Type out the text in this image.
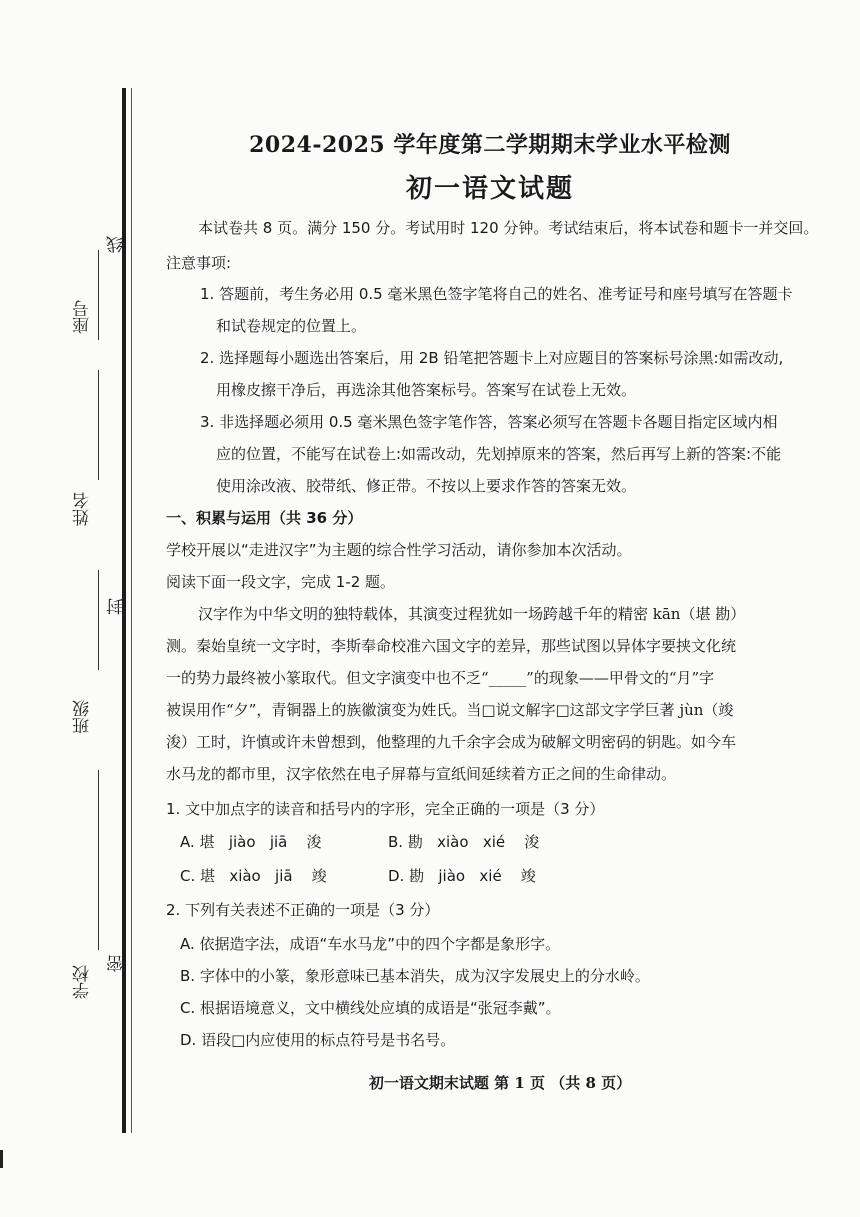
座号
线
姓名
封
班级
密
学校
2024-2025 学年度第二学期期末学业水平检测
初一语文试题
本试卷共 8 页。满分 150 分。考试用时 120 分钟。考试结束后，将本试卷和题卡一并交回。
注意事项:
1. 答题前，考生务必用 0.5 毫米黑色签字笔将自己的姓名、准考证号和座号填写在答题卡
和试卷规定的位置上。
2. 选择题每小题选出答案后，用 2B 铅笔把答题卡上对应题目的答案标号涂黑:如需改动,
用橡皮擦干净后，再选涂其他答案标号。答案写在试卷上无效。
3. 非选择题必须用 0.5 毫米黑色签字笔作答，答案必须写在答题卡各题目指定区域内相
应的位置，不能写在试卷上:如需改动，先划掉原来的答案，然后再写上新的答案:不能
使用涂改液、胶带纸、修正带。不按以上要求作答的答案无效。
一、积累与运用（共 36 分）
学校开展以“走进汉字”为主题的综合性学习活动，请你参加本次活动。
阅读下面一段文字，完成 1-2 题。
汉字作为中华文明的独特载体，其演变过程犹如一场跨越千年的精密 kān（堪 勘）
测。秦始皇统一文字时，李斯奉命校准六国文字的差异，那些试图以异体字要挟文化统
一的势力最终被小篆取代。但文字演变中也不乏“_____”的现象——甲骨文的“月”字
被误用作“夕”，青铜器上的族徽演变为姓氏。当□说文解字□这部文字学巨著 jùn（竣
浚）工时，许慎或许未曾想到，他整理的九千余字会成为破解文明密码的钥匙。如今车
水马龙的都市里，汉字依然在电子屏幕与宣纸间延续着方正之间的生命律动。
1. 文中加点字的读音和括号内的字形，完全正确的一项是（3 分）
A. 堪   jiào   jiā    浚	B. 勘   xiào   xié    浚
C. 堪   xiào   jiā    竣	D. 勘   jiào   xié    竣
2. 下列有关表述不正确的一项是（3 分）
A. 依据造字法，成语“车水马龙”中的四个字都是象形字。
B. 字体中的小篆，象形意味已基本消失，成为汉字发展史上的分水岭。
C. 根据语境意义，文中横线处应填的成语是“张冠李戴”。
D. 语段□内应使用的标点符号是书名号。
初一语文期末试题 第 1 页 （共 8 页）
